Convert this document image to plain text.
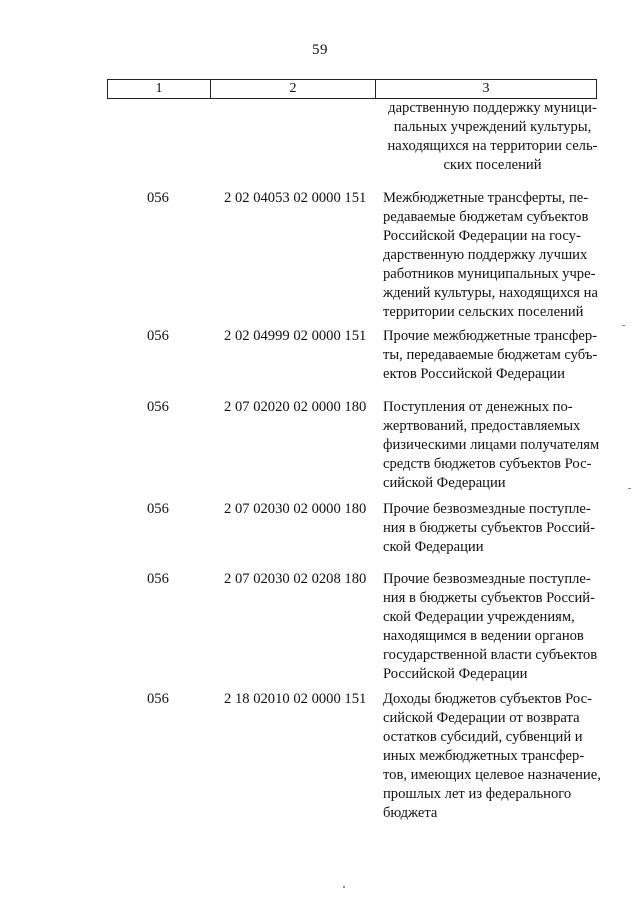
59
1	2	3
дарственную поддержку муници-
пальных учреждений культуры,
находящихся на территории сель-
ских поселений
056	2 02 04053 02 0000 151 Межбюджетные трансферты, пе-
редаваемые бюджетам субъектов
Российской Федерации на госу-
дарственную поддержку лучших
работников муниципальных учре-
ждений культуры, находящихся на
территории сельских поселений
056	2 02 04999 02 0000 151 Прочие межбюджетные трансфер-
ты, передаваемые бюджетам субъ-
ектов Российской Федерации
056	2 07 02020 02 0000 180 Поступления от денежных по-
жертвований, предоставляемых
физическими лицами получателям
средств бюджетов субъектов Рос-
сийской Федерации
056	2 07 02030 02 0000 180 Прочие безвозмездные поступле-
ния в бюджеты субъектов Россий-
ской Федерации
056	2 07 02030 02 0208 180 Прочие безвозмездные поступле-
ния в бюджеты субъектов Россий-
ской Федерации учреждениям,
находящимся в ведении органов
государственной власти субъектов
Российской Федерации
056	2 18 02010 02 0000 151 Доходы бюджетов субъектов Рос-
сийской Федерации от возврата
остатков субсидий, субвенций и
иных межбюджетных трансфер-
тов, имеющих целевое назначение,
прошлых лет из федерального
бюджета
